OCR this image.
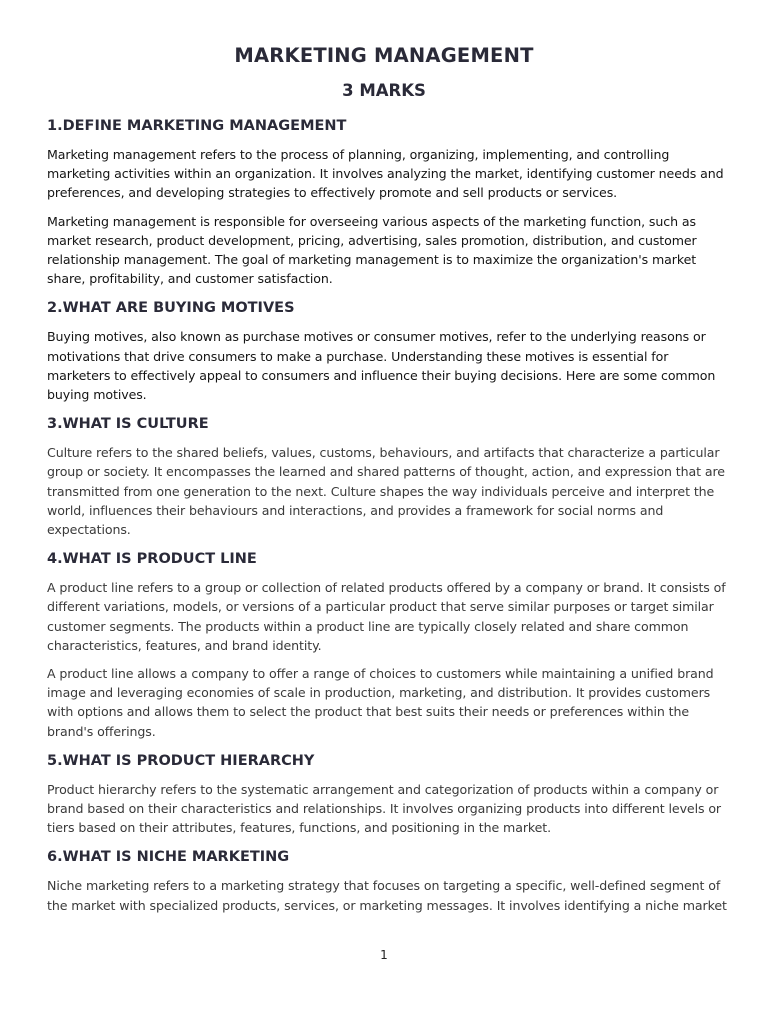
MARKETING MANAGEMENT
3 MARKS
1.DEFINE MARKETING MANAGEMENT

Marketing management refers to the process of planning, organizing, implementing, and controlling marketing activities within an organization. It involves analyzing the market, identifying customer needs and preferences, and developing strategies to effectively promote and sell products or services.

Marketing management is responsible for overseeing various aspects of the marketing function, such as market research, product development, pricing, advertising, sales promotion, distribution, and customer relationship management. The goal of marketing management is to maximize the organization's market share, profitability, and customer satisfaction.

2.WHAT ARE BUYING MOTIVES

Buying motives, also known as purchase motives or consumer motives, refer to the underlying reasons or motivations that drive consumers to make a purchase. Understanding these motives is essential for marketers to effectively appeal to consumers and influence their buying decisions. Here are some common buying motives.

3.WHAT IS CULTURE

Culture refers to the shared beliefs, values, customs, behaviours, and artifacts that characterize a particular group or society. It encompasses the learned and shared patterns of thought, action, and expression that are transmitted from one generation to the next. Culture shapes the way individuals perceive and interpret the world, influences their behaviours and interactions, and provides a framework for social norms and expectations.

4.WHAT IS PRODUCT LINE

A product line refers to a group or collection of related products offered by a company or brand. It consists of different variations, models, or versions of a particular product that serve similar purposes or target similar customer segments. The products within a product line are typically closely related and share common characteristics, features, and brand identity.

A product line allows a company to offer a range of choices to customers while maintaining a unified brand image and leveraging economies of scale in production, marketing, and distribution. It provides customers with options and allows them to select the product that best suits their needs or preferences within the brand's offerings.

5.WHAT IS PRODUCT HIERARCHY

Product hierarchy refers to the systematic arrangement and categorization of products within a company or brand based on their characteristics and relationships. It involves organizing products into different levels or tiers based on their attributes, features, functions, and positioning in the market.

6.WHAT IS NICHE MARKETING

Niche marketing refers to a marketing strategy that focuses on targeting a specific, well-defined segment of the market with specialized products, services, or marketing messages. It involves identifying a niche market

1
